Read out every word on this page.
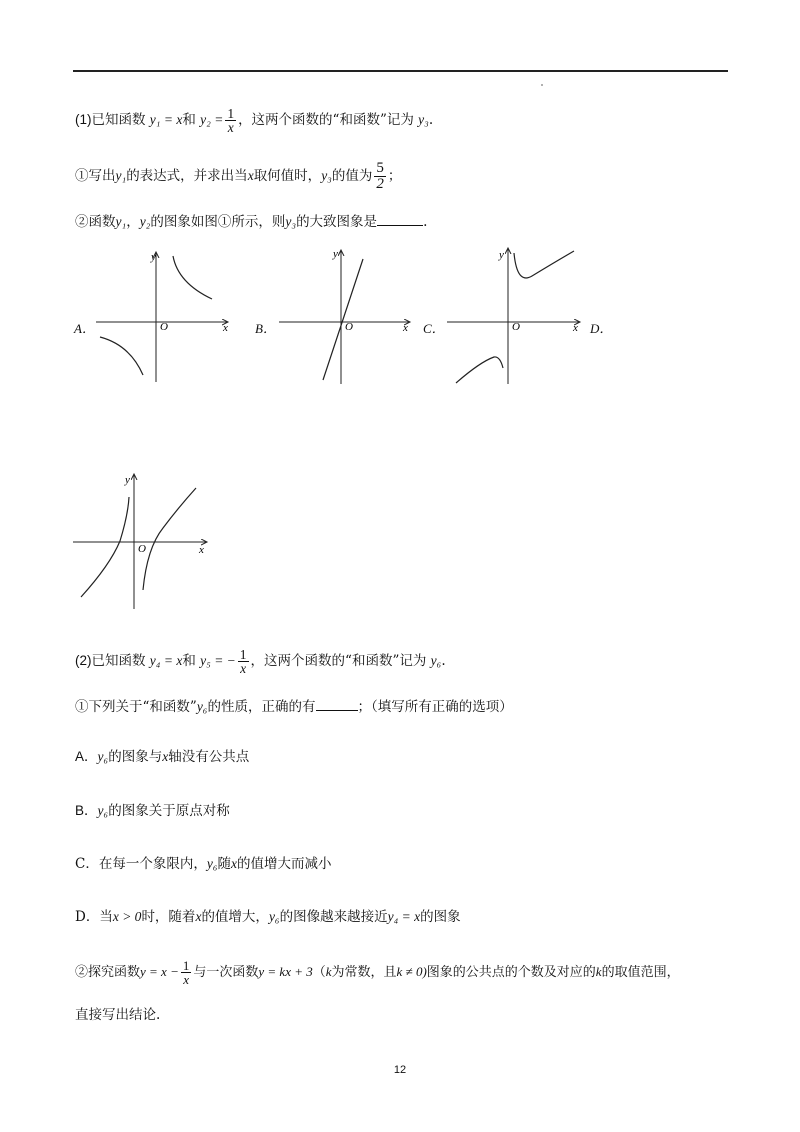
(1)已知函数 y₁ = x和 $y_2 = \frac{1}{x}$ ，这两个函数的“和函数”记为 y₃.
①写出y₁的表达式，并求出当x取何值时，y₃的值为 $\frac{5}{2}$ ；
②函数y₁，y₂的图象如图①所示，则y₃的大致图象是	.
A．	B．	C．	D．
y
x
O
y
x
O
y
x
O
y
x
O
(2)已知函数 y₄ = x和 y₅ = − $\frac{1}{x}$ ，这两个函数的“和函数”记为 y₆.
①下列关于“和函数”y₆的性质，正确的有	；（填写所有正确的选项）
A．y₆的图象与x轴没有公共点
B．y₆的图象关于原点对称
C．在每一个象限内，y₆随x的值增大而减小
D．当x > 0时，随着x的值增大，y₆的图像越来越接近y₄ = x的图象
②探究函数$y = x - \frac{1}{x}$ 与一次函数y = kx + 3（k为常数，且k ≠ 0)图象的公共点的个数及对应的k的取值范围，
直接写出结论.
12
